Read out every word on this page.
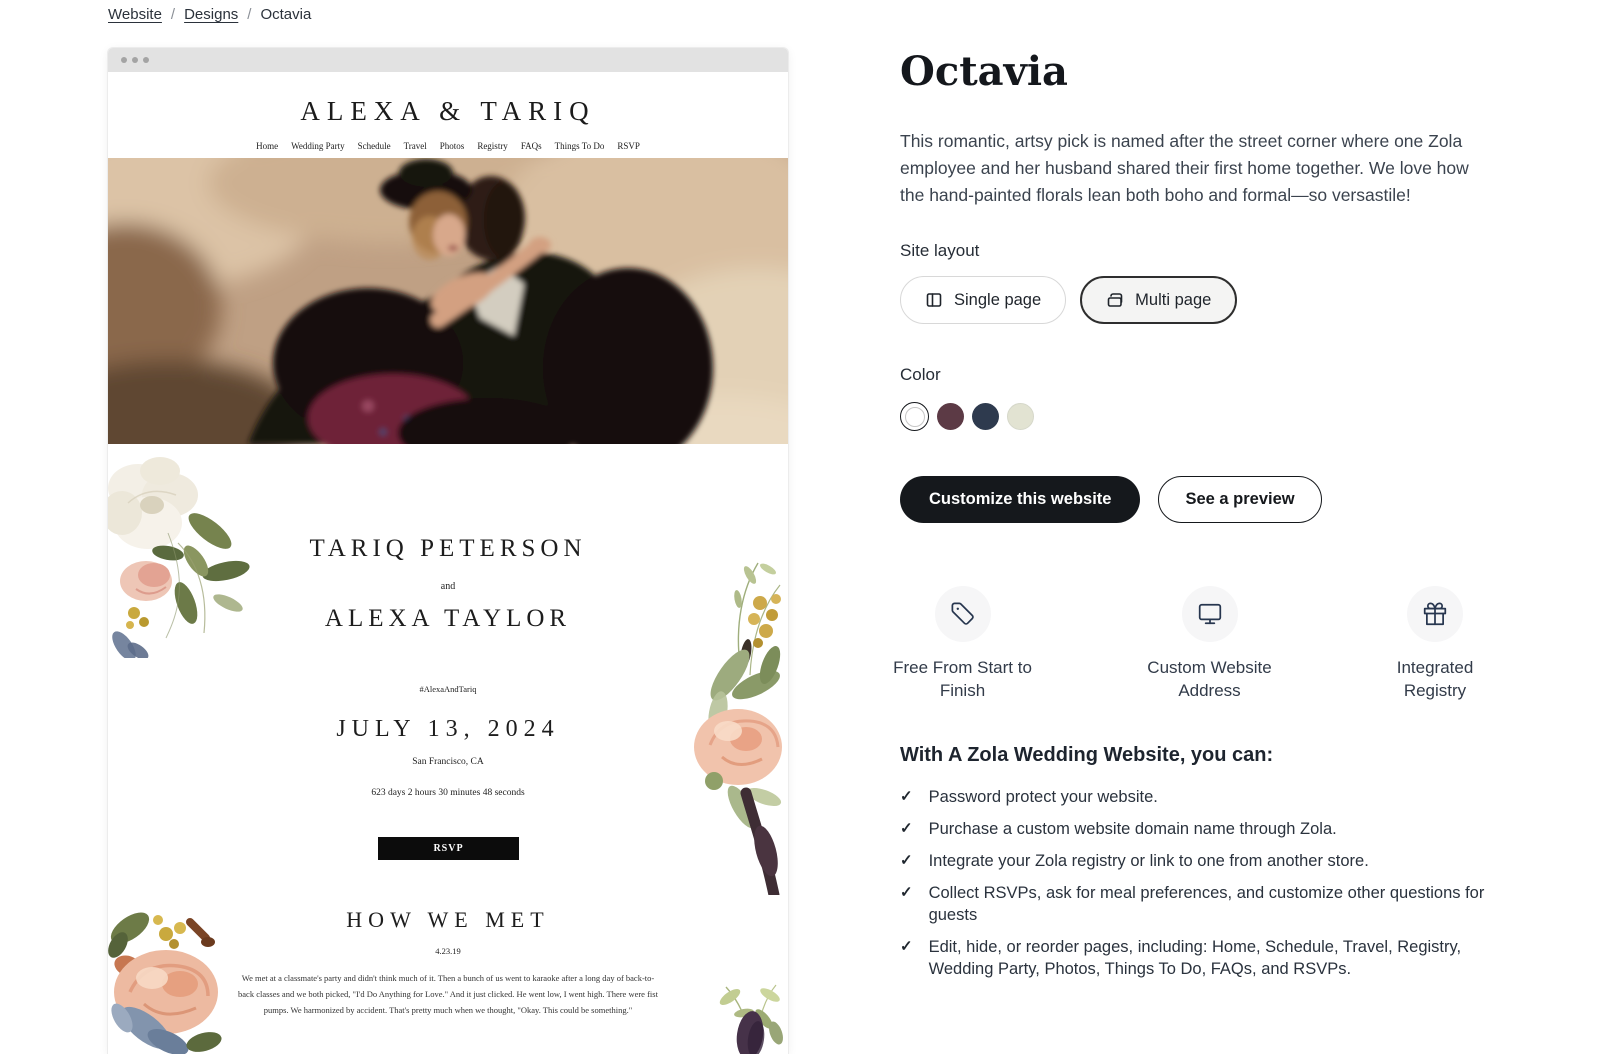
Website / Designs / Octavia
ALEXA & TARIQ
Home Wedding Party Schedule Travel Photos Registry FAQs Things To Do RSVP
TARIQ PETERSON
and
ALEXA TAYLOR
#AlexaAndTariq
JULY 13, 2024
San Francisco, CA
623 days 2 hours 30 minutes 48 seconds
RSVP
HOW WE MET
4.23.19
We met at a classmate's party and didn't think much of it. Then a bunch of us went to karaoke after a long day of back-to-back classes and we both picked, "I'd Do Anything for Love." And it just clicked. He went low, I went high. There were fist pumps. We harmonized by accident. That's pretty much when we thought, "Okay. This could be something."
Octavia

This romantic, artsy pick is named after the street corner where one Zola employee and her husband shared their first home together. We love how the hand-painted florals lean both boho and formal—so versastile!

Site layout
Single page	Multi page
Color
Customize this website	See a preview
Free From Start to Finish
Custom Website Address
Integrated Registry
With A Zola Wedding Website, you can:
✓ Password protect your website.
✓ Purchase a custom website domain name through Zola.
✓ Integrate your Zola registry or link to one from another store.
✓ Collect RSVPs, ask for meal preferences, and customize other questions for guests
✓ Edit, hide, or reorder pages, including: Home, Schedule, Travel, Registry, Wedding Party, Photos, Things To Do, FAQs, and RSVPs.
